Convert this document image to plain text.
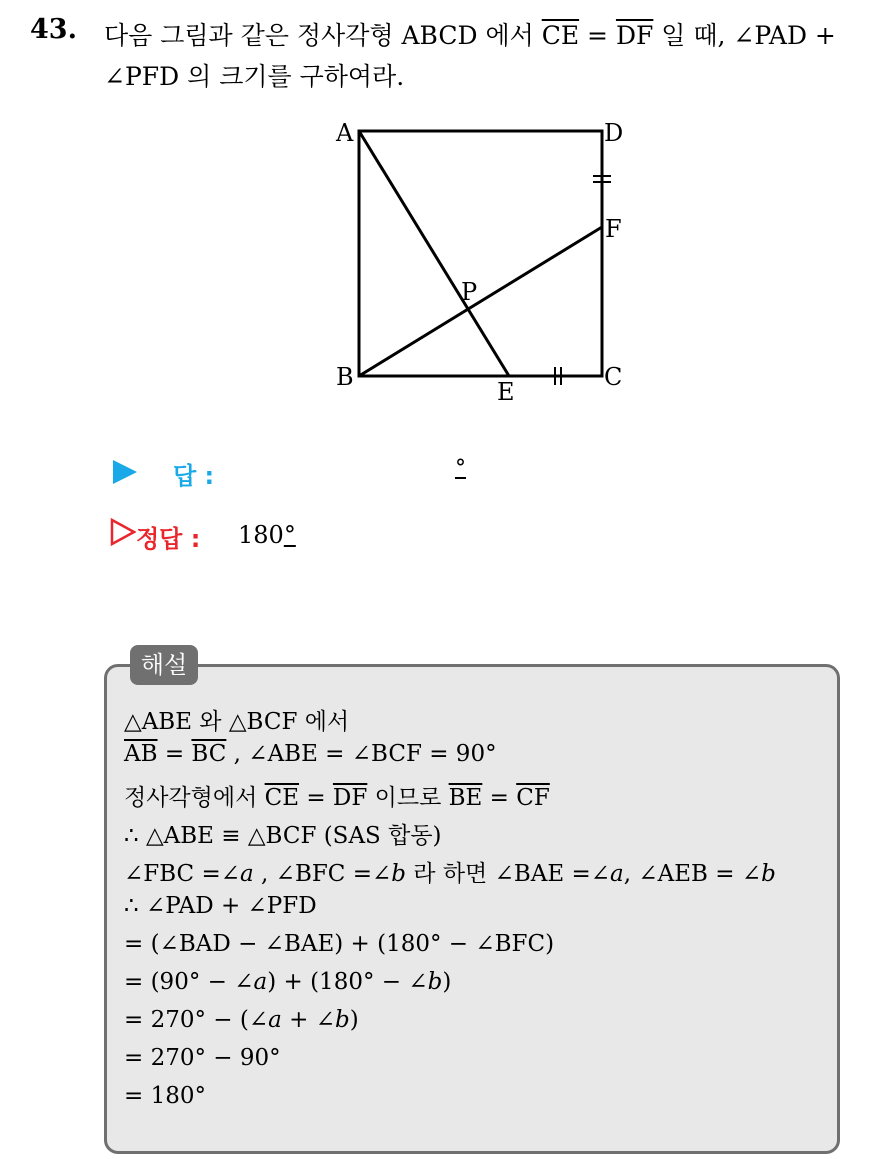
43. 다음 그림과 같은 정사각형 ABCD 에서 $\overline{CE} = \overline{DF}$ 일 때, ∠PAD +
∠PFD 의 크기를 구하여라.
A	D
F
P
B
E
C
답 :	°
정답 : 180°
해설
△ABE 와 △BCF 에서
$\overline{AB} = \overline{BC}$ , ∠ABE = ∠BCF = 90°
정사각형에서 $\overline{CE} = \overline{DF}$ 이므로 $\overline{BE} = \overline{CF}$
∴ △ABE ≡ △BCF (SAS 합동)
∠FBC =∠a , ∠BFC =∠b 라 하면 ∠BAE =∠a, ∠AEB = ∠b
∴ ∠PAD + ∠PFD
= (∠BAD − ∠BAE) + (180° − ∠BFC)
= (90° − ∠a) + (180° − ∠b)
= 270° − (∠a + ∠b)
= 270° − 90°
= 180°
